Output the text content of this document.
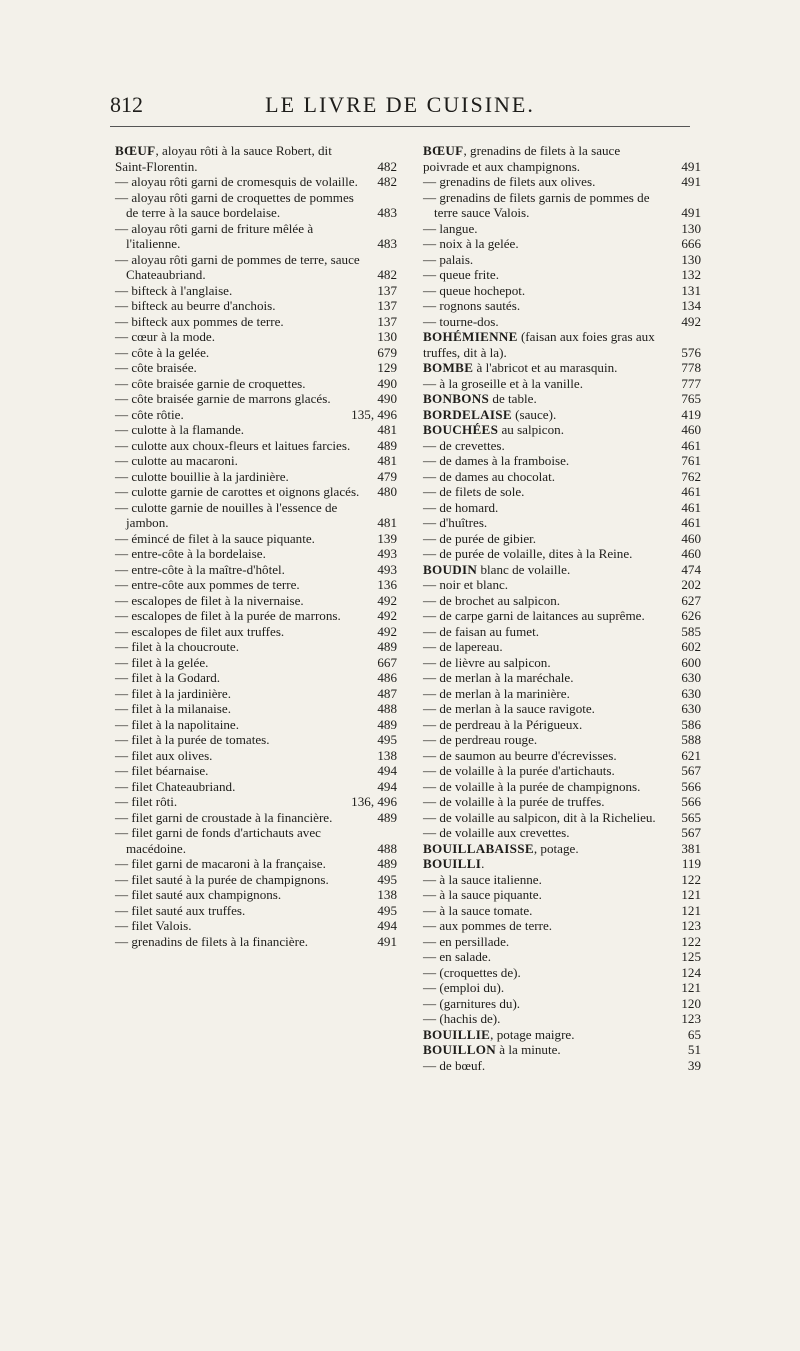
812	LE LIVRE DE CUISINE.
BŒUF, aloyau rôti à la sauce Robert, dit Saint-Florentin.	482
— aloyau rôti garni de cromesquis de volaille.	482
— aloyau rôti garni de croquettes de pommes de terre à la sauce bordelaise.	483
— aloyau rôti garni de friture mêlée à l'italienne.	483
— aloyau rôti garni de pommes de terre, sauce Chateaubriand.	482
— bifteck à l'anglaise.	137
— bifteck au beurre d'anchois.	137
— bifteck aux pommes de terre.	137
— cœur à la mode.	130
— côte à la gelée.	679
— côte braisée.	129
— côte braisée garnie de croquettes.	490
— côte braisée garnie de marrons glacés.	490
— côte rôtie.	135, 496
— culotte à la flamande.	481
— culotte aux choux-fleurs et laitues farcies.	489
— culotte au macaroni.	481
— culotte bouillie à la jardinière.	479
— culotte garnie de carottes et oignons glacés.	480
— culotte garnie de nouilles à l'essence de jambon.	481
— émincé de filet à la sauce piquante.	139
— entre-côte à la bordelaise.	493
— entre-côte à la maître-d'hôtel.	493
— entre-côte aux pommes de terre.	136
— escalopes de filet à la nivernaise.	492
— escalopes de filet à la purée de marrons.	492
— escalopes de filet aux truffes.	492
— filet à la choucroute.	489
— filet à la gelée.	667
— filet à la Godard.	486
— filet à la jardinière.	487
— filet à la milanaise.	488
— filet à la napolitaine.	489
— filet à la purée de tomates.	495
— filet aux olives.	138
— filet béarnaise.	494
— filet Chateaubriand.	494
— filet rôti.	136, 496
— filet garni de croustade à la financière.	489
— filet garni de fonds d'artichauts avec macédoine.	488
— filet garni de macaroni à la française.	489
— filet sauté à la purée de champignons.	495
— filet sauté aux champignons.	138
— filet sauté aux truffes.	495
— filet Valois.	494
— grenadins de filets à la financière.	491
BŒUF, grenadins de filets à la sauce poivrade et aux champignons.	491
— grenadins de filets aux olives.	491
— grenadins de filets garnis de pommes de terre sauce Valois.	491
— langue.	130
— noix à la gelée.	666
— palais.	130
— queue frite.	132
— queue hochepot.	131
— rognons sautés.	134
— tourne-dos.	492
BOHÉMIENNE (faisan aux foies gras aux truffes, dit à la).	576
BOMBE à l'abricot et au marasquin.	778
— à la groseille et à la vanille.	777
BONBONS de table.	765
BORDELAISE (sauce).	419
BOUCHÉES au salpicon.	460
— de crevettes.	461
— de dames à la framboise.	761
— de dames au chocolat.	762
— de filets de sole.	461
— de homard.	461
— d'huîtres.	461
— de purée de gibier.	460
— de purée de volaille, dites à la Reine.	460
BOUDIN blanc de volaille.	474
— noir et blanc.	202
— de brochet au salpicon.	627
— de carpe garni de laitances au suprême.	626
— de faisan au fumet.	585
— de lapereau.	602
— de lièvre au salpicon.	600
— de merlan à la maréchale.	630
— de merlan à la marinière.	630
— de merlan à la sauce ravigote.	630
— de perdreau à la Périgueux.	586
— de perdreau rouge.	588
— de saumon au beurre d'écrevisses.	621
— de volaille à la purée d'artichauts.	567
— de volaille à la purée de champignons.	566
— de volaille à la purée de truffes.	566
— de volaille au salpicon, dit à la Richelieu.	565
— de volaille aux crevettes.	567
BOUILLABAISSE, potage.	381
BOUILLI.	119
— à la sauce italienne.	122
— à la sauce piquante.	121
— à la sauce tomate.	121
— aux pommes de terre.	123
— en persillade.	122
— en salade.	125
— (croquettes de).	124
— (emploi du).	121
— (garnitures du).	120
— (hachis de).	123
BOUILLIE, potage maigre.	65
BOUILLON à la minute.	51
— de bœuf.	39
